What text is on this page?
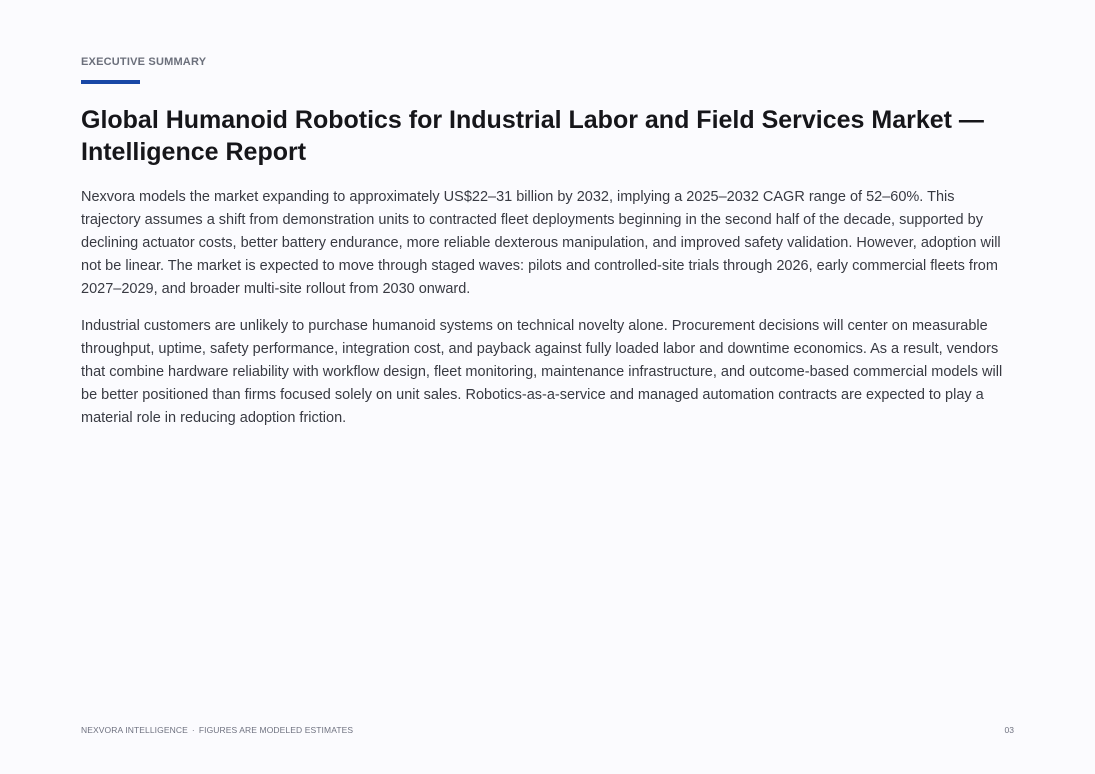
EXECUTIVE SUMMARY
Global Humanoid Robotics for Industrial Labor and Field Services Market — Intelligence Report

Nexvora models the market expanding to approximately US$22–31 billion by 2032, implying a 2025–2032 CAGR range of 52–60%. This trajectory assumes a shift from demonstration units to contracted fleet deployments beginning in the second half of the decade, supported by declining actuator costs, better battery endurance, more reliable dexterous manipulation, and improved safety validation. However, adoption will not be linear. The market is expected to move through staged waves: pilots and controlled-site trials through 2026, early commercial fleets from 2027–2029, and broader multi-site rollout from 2030 onward.

Industrial customers are unlikely to purchase humanoid systems on technical novelty alone. Procurement decisions will center on measurable throughput, uptime, safety performance, integration cost, and payback against fully loaded labor and downtime economics. As a result, vendors that combine hardware reliability with workflow design, fleet monitoring, maintenance infrastructure, and outcome-based commercial models will be better positioned than firms focused solely on unit sales. Robotics-as-a-service and managed automation contracts are expected to play a material role in reducing adoption friction.

NEXVORA INTELLIGENCE · FIGURES ARE MODELED ESTIMATES	03
